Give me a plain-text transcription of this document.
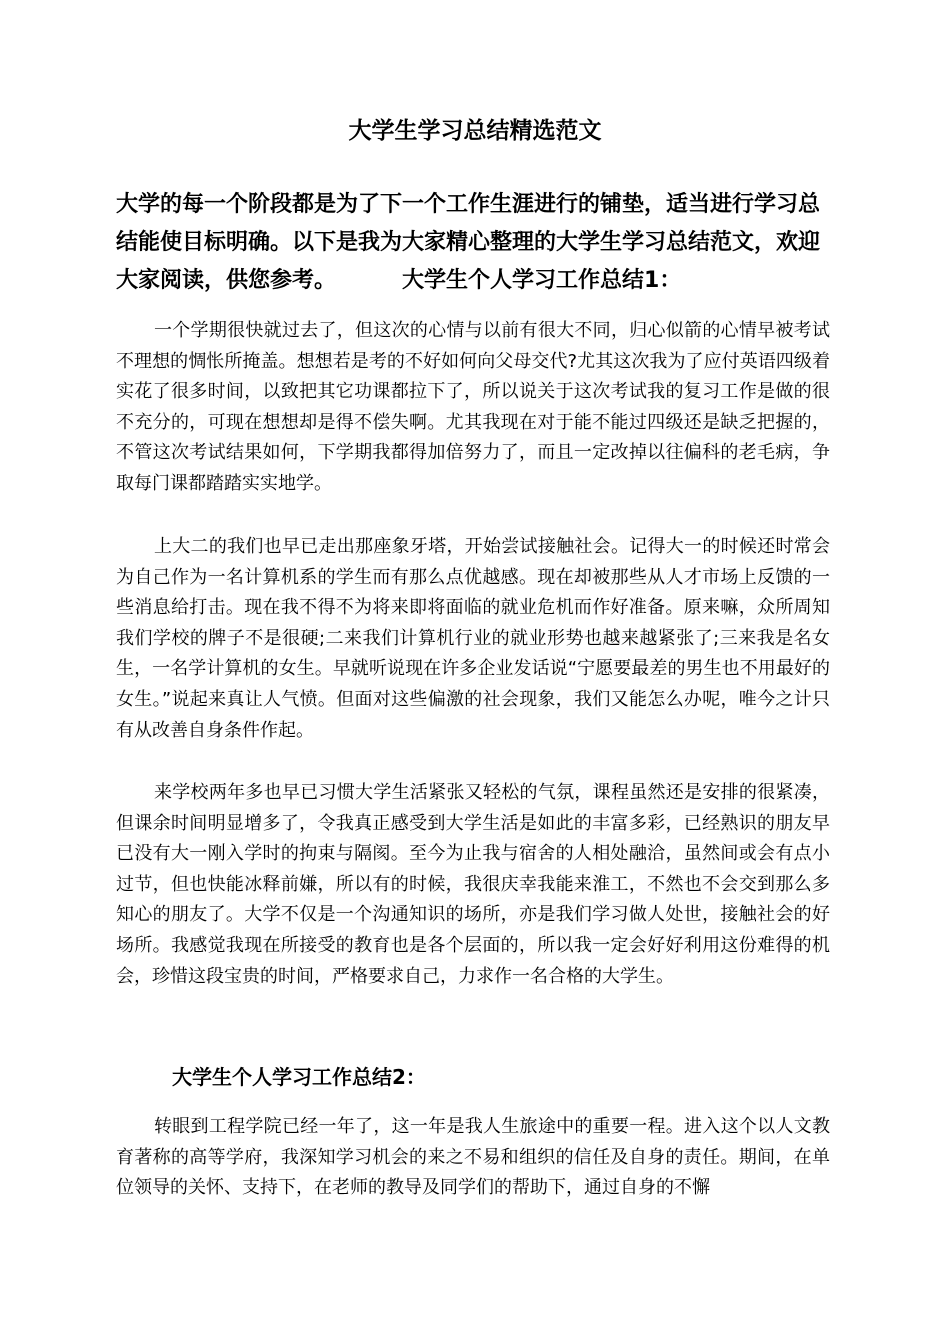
大学生学习总结精选范文

大学的每一个阶段都是为了下一个工作生涯进行的铺垫，适当进行学习总结能使目标明确。以下是我为大家精心整理的大学生学习总结范文，欢迎大家阅读，供您参考。	大学生个人学习工作总结1：

一个学期很快就过去了，但这次的心情与以前有很大不同，归心似箭的心情早被考试不理想的惆怅所掩盖。想想若是考的不好如何向父母交代?尤其这次我为了应付英语四级着实花了很多时间，以致把其它功课都拉下了，所以说关于这次考试我的复习工作是做的很不充分的，可现在想想却是得不偿失啊。尤其我现在对于能不能过四级还是缺乏把握的，不管这次考试结果如何，下学期我都得加倍努力了，而且一定改掉以往偏科的老毛病，争取每门课都踏踏实实地学。

上大二的我们也早已走出那座象牙塔，开始尝试接触社会。记得大一的时候还时常会为自己作为一名计算机系的学生而有那么点优越感。现在却被那些从人才市场上反馈的一些消息给打击。现在我不得不为将来即将面临的就业危机而作好准备。原来嘛，众所周知我们学校的牌子不是很硬;二来我们计算机行业的就业形势也越来越紧张了;三来我是名女生，一名学计算机的女生。早就听说现在许多企业发话说“宁愿要最差的男生也不用最好的女生。”说起来真让人气愤。但面对这些偏激的社会现象，我们又能怎么办呢，唯今之计只有从改善自身条件作起。

来学校两年多也早已习惯大学生活紧张又轻松的气氛，课程虽然还是安排的很紧凑，但课余时间明显增多了，令我真正感受到大学生活是如此的丰富多彩，已经熟识的朋友早已没有大一刚入学时的拘束与隔阂。至今为止我与宿舍的人相处融洽，虽然间或会有点小过节，但也快能冰释前嫌，所以有的时候，我很庆幸我能来淮工，不然也不会交到那么多知心的朋友了。大学不仅是一个沟通知识的场所，亦是我们学习做人处世，接触社会的好场所。我感觉我现在所接受的教育也是各个层面的，所以我一定会好好利用这份难得的机会，珍惜这段宝贵的时间，严格要求自己，力求作一名合格的大学生。

大学生个人学习工作总结2：

转眼到工程学院已经一年了，这一年是我人生旅途中的重要一程。进入这个以人文教育著称的高等学府，我深知学习机会的来之不易和组织的信任及自身的责任。期间，在单位领导的关怀、支持下，在老师的教导及同学们的帮助下，通过自身的不懈
